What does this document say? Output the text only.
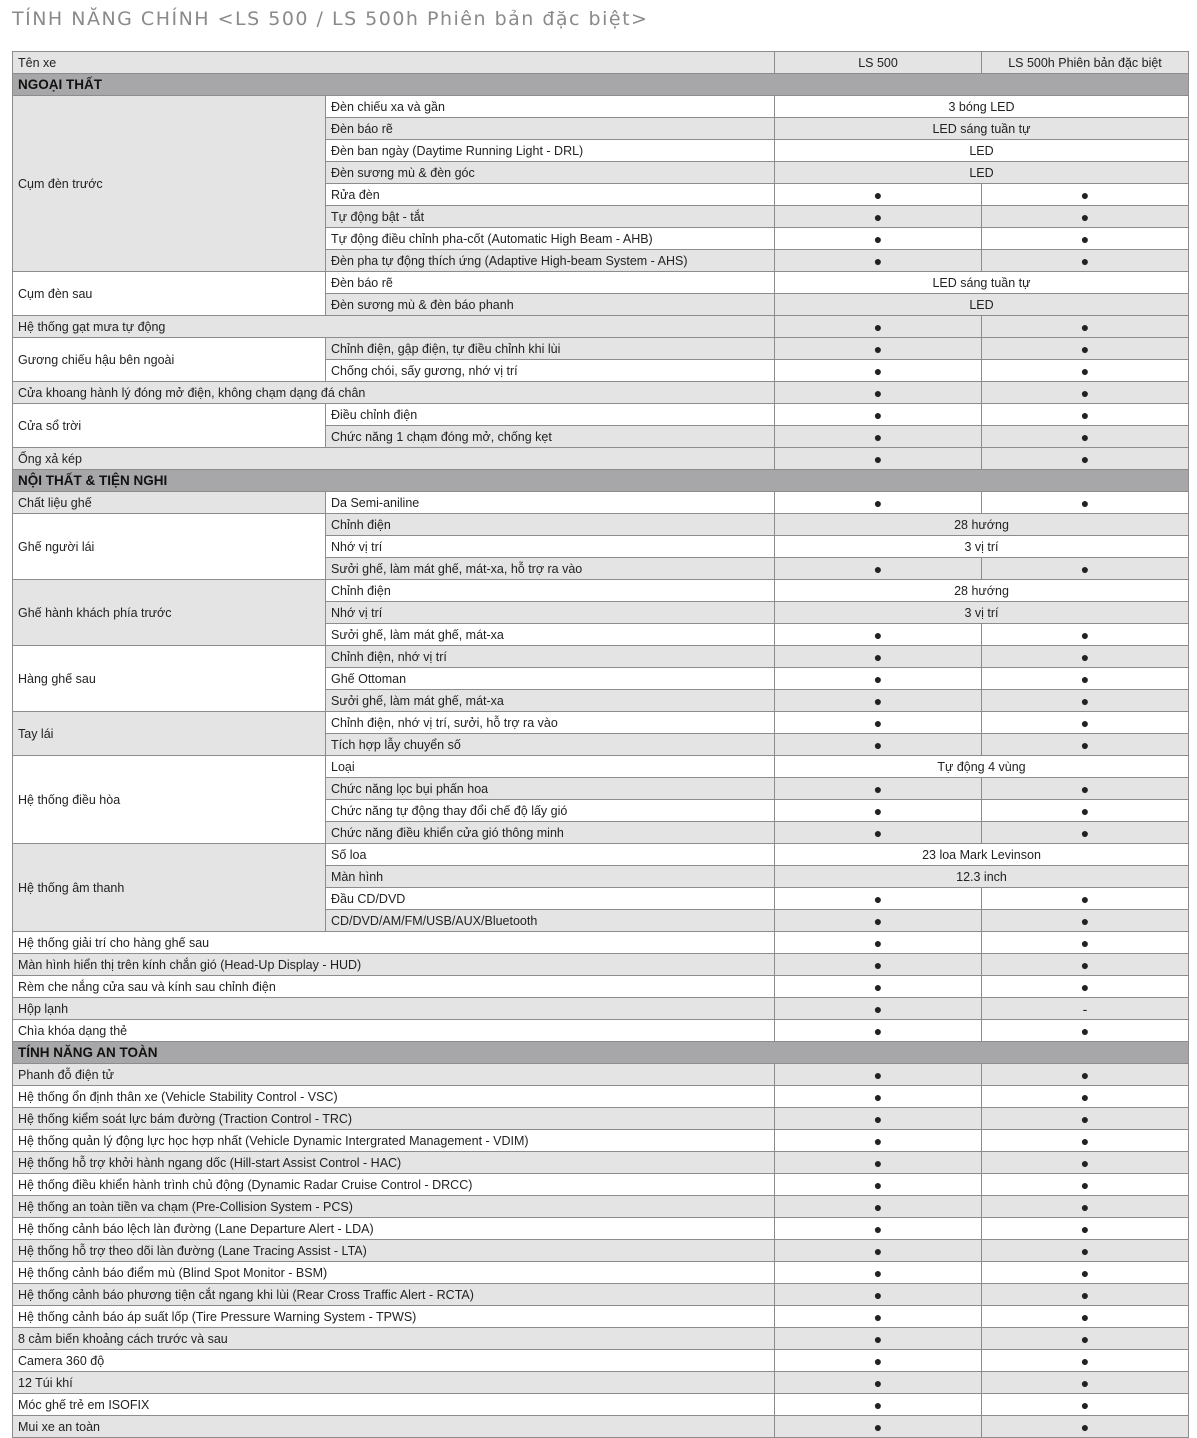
TÍNH NĂNG CHÍNH <LS 500 / LS 500h Phiên bản đặc biệt>
Tên xe		LS 500	LS 500h Phiên bản đặc biệt
NGOẠI THẤT			
Cụm đèn trước	Đèn chiếu xa và gần	3 bóng LED	
	Đèn báo rẽ	LED sáng tuần tự	
	Đèn ban ngày (Daytime Running Light - DRL)	LED	
	Đèn sương mù & đèn góc	LED	
	Rửa đèn	●	●
	Tự động bật - tắt	●	●
	Tự động điều chỉnh pha-cốt (Automatic High Beam - AHB)	●	●
	Đèn pha tự động thích ứng (Adaptive High-beam System - AHS)	●	●
Cụm đèn sau	Đèn báo rẽ	LED sáng tuần tự	
	Đèn sương mù & đèn báo phanh	LED	
Hệ thống gạt mưa tự động		●	●
Gương chiếu hậu bên ngoài	Chỉnh điện, gập điện, tự điều chỉnh khi lùi	●	●
	Chống chói, sấy gương, nhớ vị trí	●	●
Cửa khoang hành lý đóng mở điện, không chạm dạng đá chân		●	●
Cửa sổ trời	Điều chỉnh điện	●	●
	Chức năng 1 chạm đóng mở, chống kẹt	●	●
Ống xả kép		●	●
NỘI THẤT & TIỆN NGHI			
Chất liệu ghế	Da Semi-aniline	●	●
Ghế người lái	Chỉnh điện	28 hướng	
	Nhớ vị trí	3 vị trí	
	Sưởi ghế, làm mát ghế, mát-xa, hỗ trợ ra vào	●	●
Ghế hành khách phía trước	Chỉnh điện	28 hướng	
	Nhớ vị trí	3 vị trí	
	Sưởi ghế, làm mát ghế, mát-xa	●	●
Hàng ghế sau	Chỉnh điện, nhớ vị trí	●	●
	Ghế Ottoman	●	●
	Sưởi ghế, làm mát ghế, mát-xa	●	●
Tay lái	Chỉnh điện, nhớ vị trí, sưởi, hỗ trợ ra vào	●	●
	Tích hợp lẫy chuyển số	●	●
Hệ thống điều hòa	Loại	Tự động 4 vùng	
	Chức năng lọc bụi phấn hoa	●	●
	Chức năng tự động thay đổi chế độ lấy gió	●	●
	Chức năng điều khiển cửa gió thông minh	●	●
Hệ thống âm thanh	Số loa	23 loa Mark Levinson	
	Màn hình	12.3 inch	
	Đầu CD/DVD	●	●
	CD/DVD/AM/FM/USB/AUX/Bluetooth	●	●
Hệ thống giải trí cho hàng ghế sau		●	●
Màn hình hiển thị trên kính chắn gió (Head-Up Display - HUD)		●	●
Rèm che nắng cửa sau và kính sau chỉnh điện		●	●
Hộp lạnh		●	-
Chìa khóa dạng thẻ		●	●
TÍNH NĂNG AN TOÀN			
Phanh đỗ điện tử		●	●
Hệ thống ổn định thân xe (Vehicle Stability Control - VSC)		●	●
Hệ thống kiểm soát lực bám đường (Traction Control - TRC)		●	●
Hệ thống quản lý động lực học hợp nhất (Vehicle Dynamic Intergrated Management - VDIM)		●	●
Hệ thống hỗ trợ khởi hành ngang dốc (Hill-start Assist Control - HAC)		●	●
Hệ thống điều khiển hành trình chủ động (Dynamic Radar Cruise Control - DRCC)		●	●
Hệ thống an toàn tiền va chạm (Pre-Collision System - PCS)		●	●
Hệ thống cảnh báo lệch làn đường (Lane Departure Alert - LDA)		●	●
Hệ thống hỗ trợ theo dõi làn đường (Lane Tracing Assist - LTA)		●	●
Hệ thống cảnh báo điểm mù (Blind Spot Monitor - BSM)		●	●
Hệ thống cảnh báo phương tiện cắt ngang khi lùi (Rear Cross Traffic Alert - RCTA)		●	●
Hệ thống cảnh báo áp suất lốp (Tire Pressure Warning System - TPWS)		●	●
8 cảm biến khoảng cách trước và sau		●	●
Camera 360 độ		●	●
12 Túi khí		●	●
Móc ghế trẻ em ISOFIX		●	●
Mui xe an toàn		●	●
